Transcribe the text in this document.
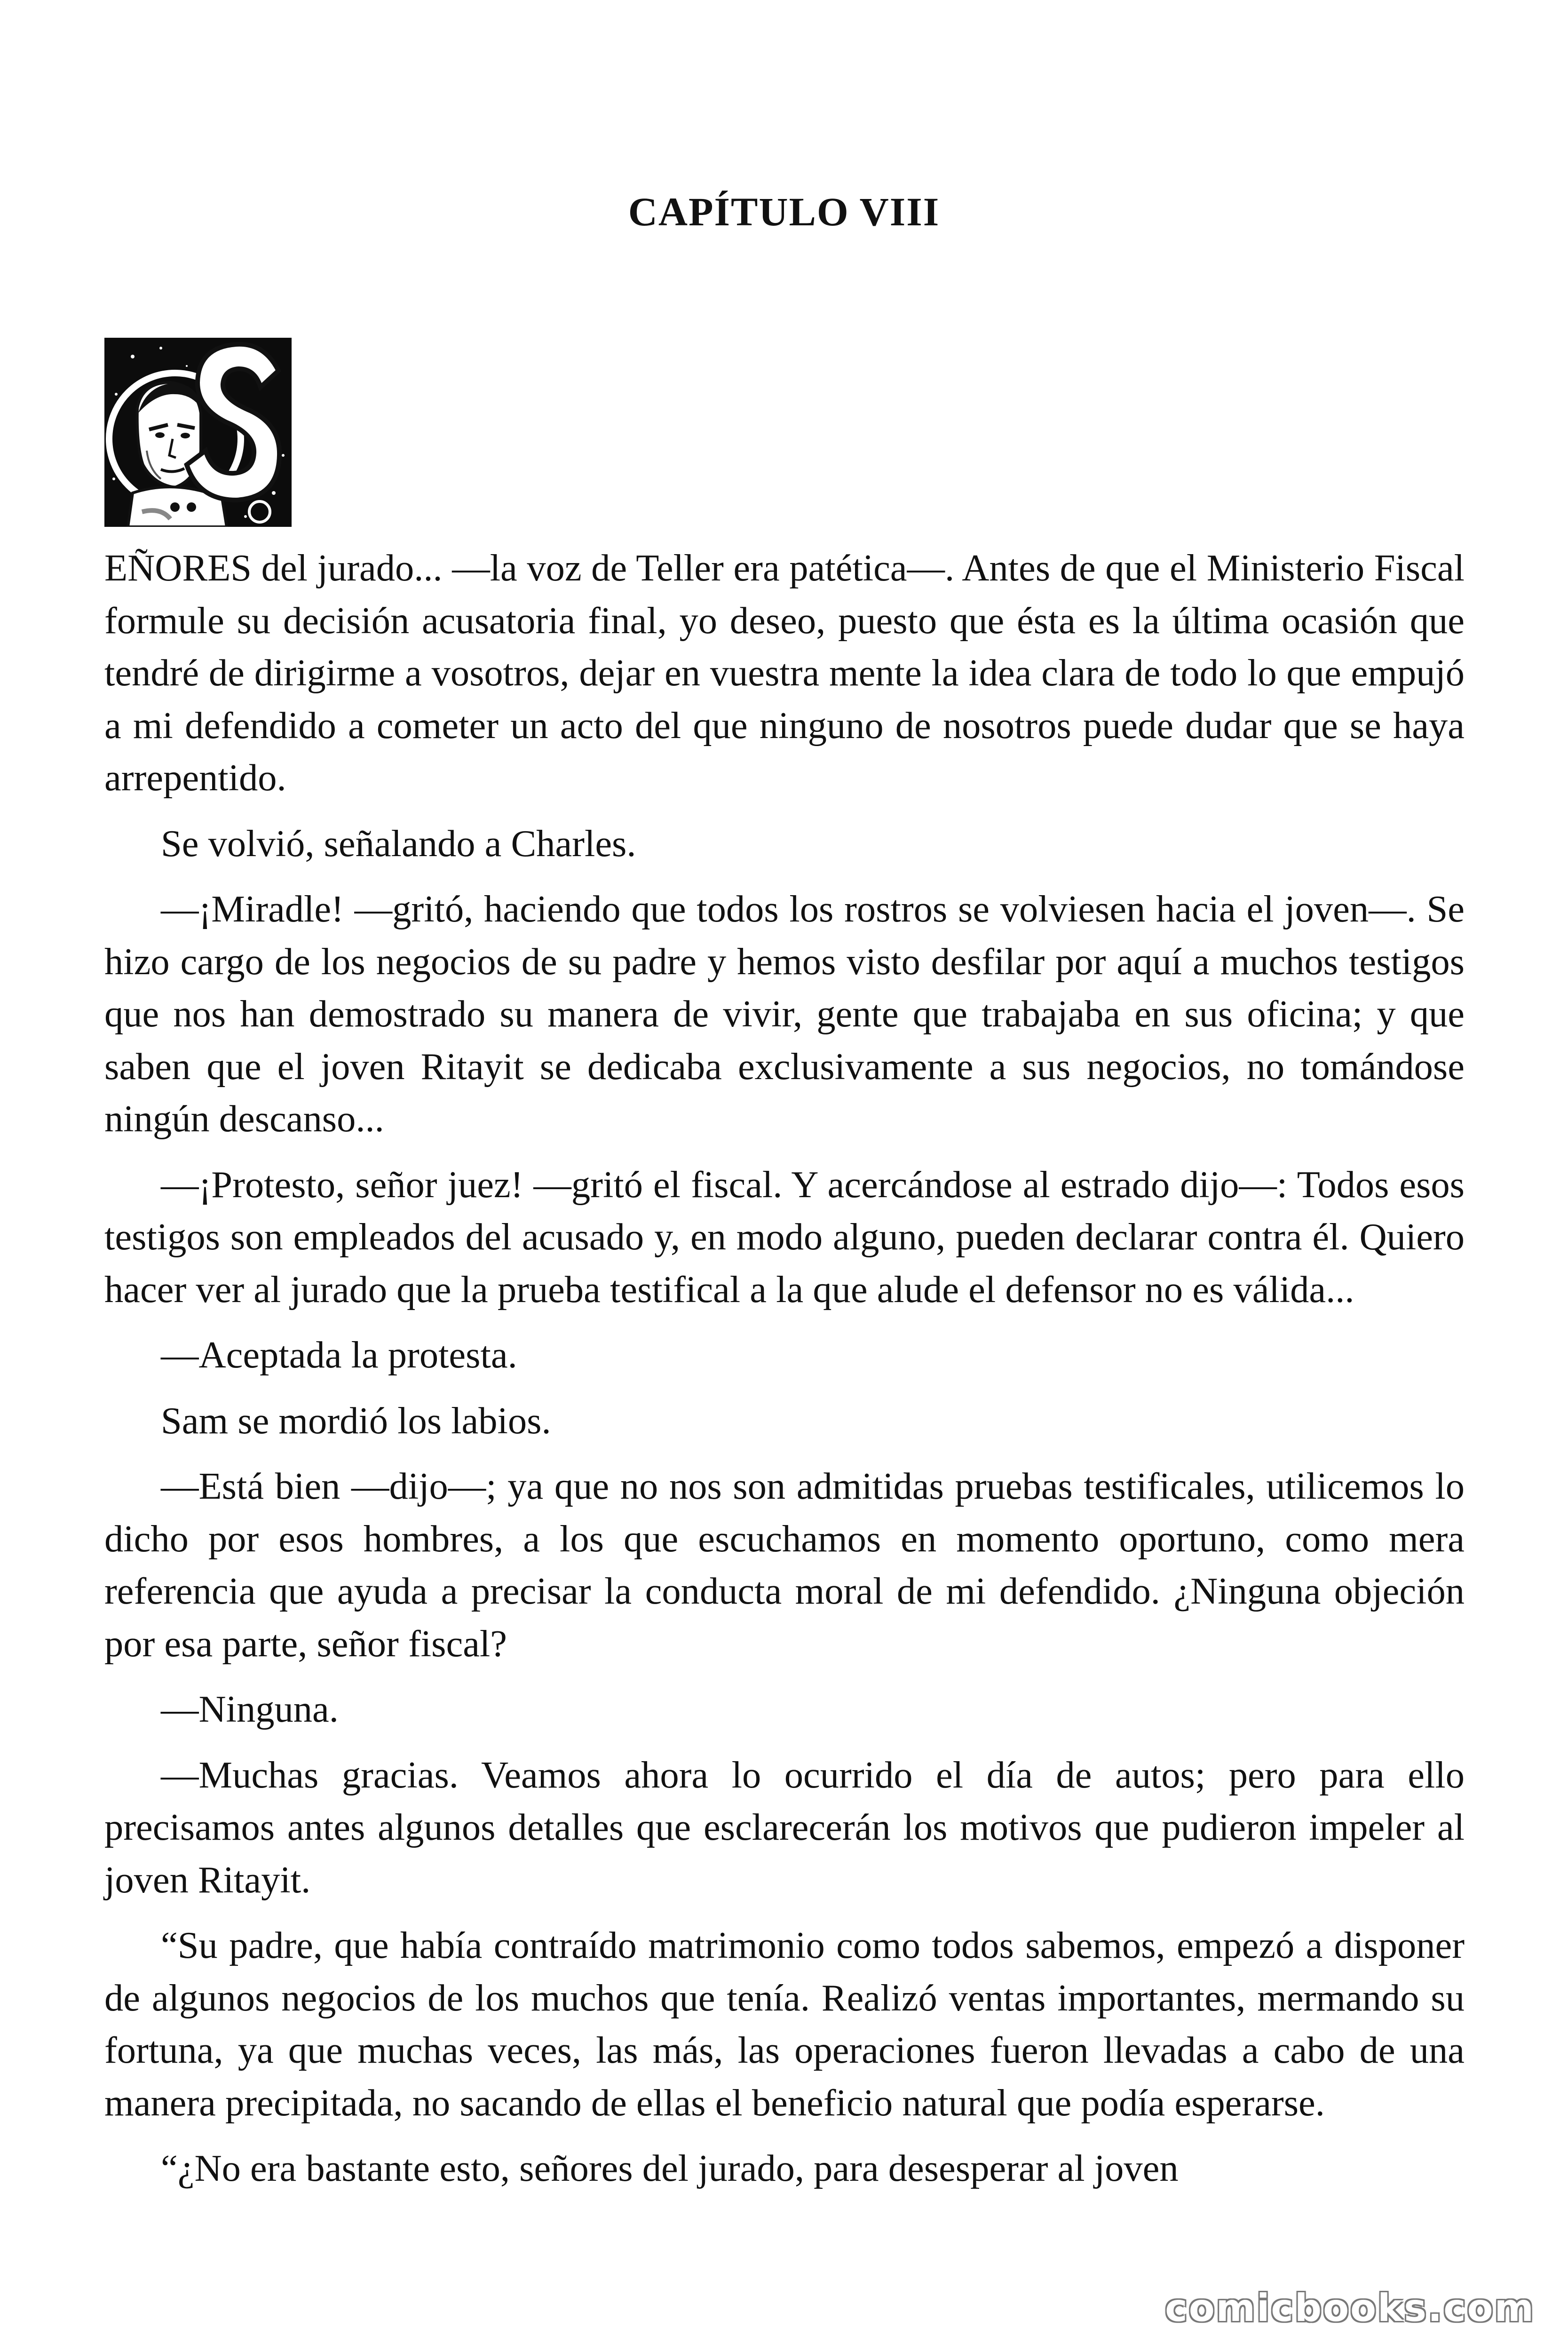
CAPÍTULO VIII

EÑORES del jurado... —la voz de Teller era patética—. Antes de que el Ministerio Fiscal formule su decisión acusatoria final, yo deseo, puesto que ésta es la última ocasión que tendré de dirigirme a vosotros, dejar en vuestra mente la idea clara de todo lo que empujó a mi defendido a cometer un acto del que ninguno de nosotros puede dudar que se haya arrepentido.

Se volvió, señalando a Charles.

—¡Miradle! —gritó, haciendo que todos los rostros se volviesen hacia el joven—. Se hizo cargo de los negocios de su padre y hemos visto desfilar por aquí a muchos testigos que nos han demostrado su manera de vivir, gente que trabajaba en sus oficina; y que saben que el joven Ritayit se dedicaba exclusivamente a sus negocios, no tomándose ningún descanso...

—¡Protesto, señor juez! —gritó el fiscal. Y acercándose al estrado dijo—: Todos esos testigos son empleados del acusado y, en modo alguno, pueden declarar contra él. Quiero hacer ver al jurado que la prueba testifical a la que alude el defensor no es válida...

—Aceptada la protesta.

Sam se mordió los labios.

—Está bien —dijo—; ya que no nos son admitidas pruebas testificales, utilicemos lo dicho por esos hombres, a los que escuchamos en momento oportuno, como mera referencia que ayuda a precisar la conducta moral de mi defendido. ¿Ninguna objeción por esa parte, señor fiscal?

—Ninguna.

—Muchas gracias. Veamos ahora lo ocurrido el día de autos; pero para ello precisamos antes algunos detalles que esclarecerán los motivos que pudieron impeler al joven Ritayit.

“Su padre, que había contraído matrimonio como todos sabemos, empezó a disponer de algunos negocios de los muchos que tenía. Realizó ventas importantes, mermando su fortuna, ya que muchas veces, las más, las operaciones fueron llevadas a cabo de una manera precipitada, no sacando de ellas el beneficio natural que podía esperarse.

“¿No era bastante esto, señores del jurado, para desesperar al joven

comicbooks.com
